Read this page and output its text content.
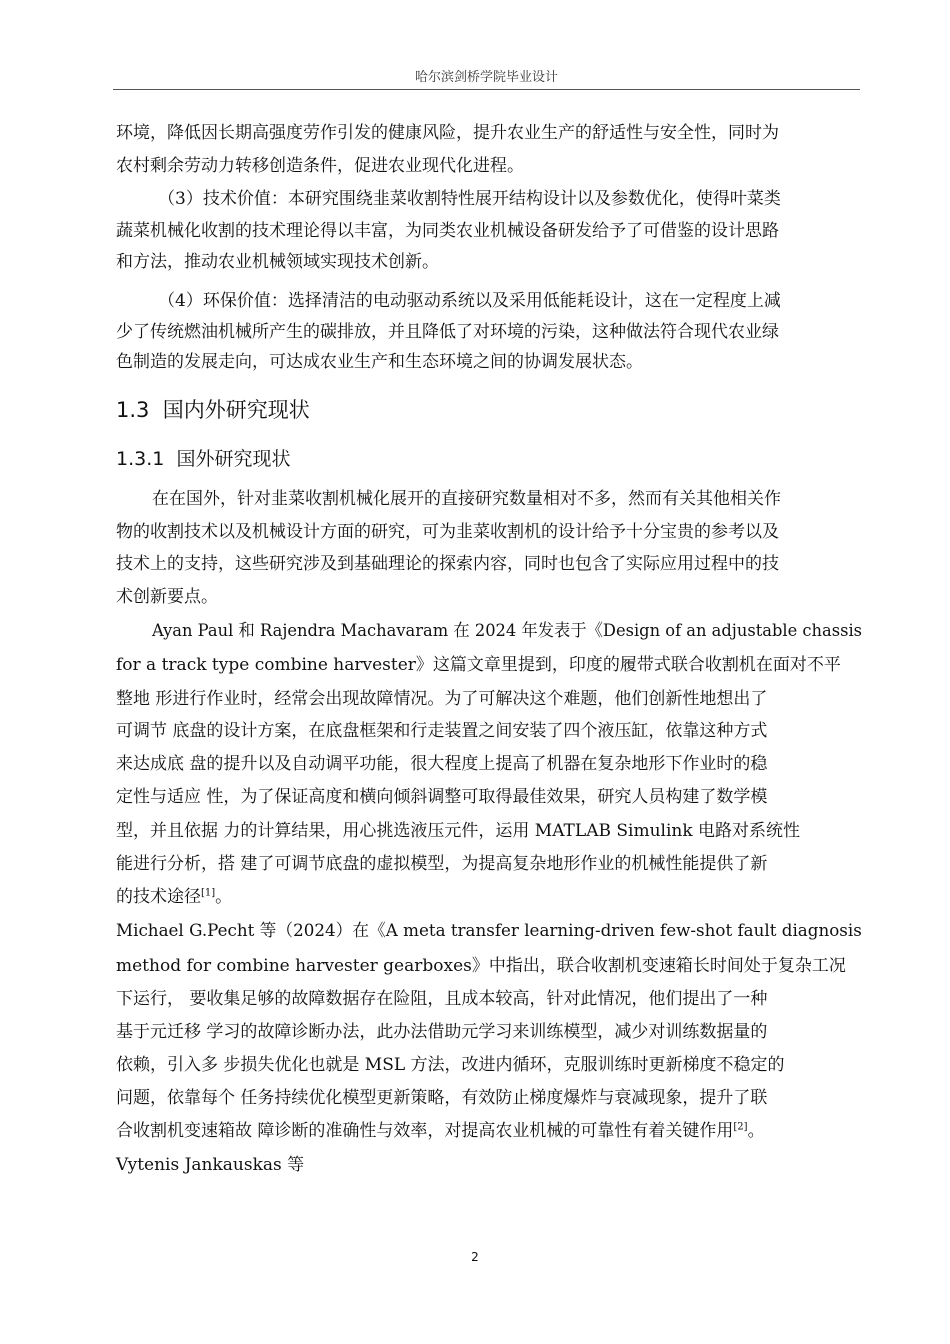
哈尔滨剑桥学院毕业设计
环境，降低因长期高强度劳作引发的健康风险，提升农业生产的舒适性与安全性，同时为
农村剩余劳动力转移创造条件，促进农业现代化进程。
（3）技术价值：本研究围绕韭菜收割特性展开结构设计以及参数优化，使得叶菜类
蔬菜机械化收割的技术理论得以丰富，为同类农业机械设备研发给予了可借鉴的设计思路
和方法，推动农业机械领域实现技术创新。
（4）环保价值：选择清洁的电动驱动系统以及采用低能耗设计，这在一定程度上减
少了传统燃油机械所产生的碳排放，并且降低了对环境的污染，这种做法符合现代农业绿
色制造的发展走向，可达成农业生产和生态环境之间的协调发展状态。
1.3 国内外研究现状
1.3.1 国外研究现状
在在国外，针对韭菜收割机械化展开的直接研究数量相对不多，然而有关其他相关作
物的收割技术以及机械设计方面的研究，可为韭菜收割机的设计给予十分宝贵的参考以及
技术上的支持，这些研究涉及到基础理论的探索内容，同时也包含了实际应用过程中的技
术创新要点。
Ayan Paul 和 Rajendra Machavaram 在 2024 年发表于《Design of an adjustable chassis
for a track type combine harvester》这篇文章里提到，印度的履带式联合收割机在面对不平
整地 形进行作业时，经常会出现故障情况。为了可解决这个难题，他们创新性地想出了
可调节 底盘的设计方案，在底盘框架和行走装置之间安装了四个液压缸，依靠这种方式
来达成底 盘的提升以及自动调平功能，很大程度上提高了机器在复杂地形下作业时的稳
定性与适应 性，为了保证高度和横向倾斜调整可取得最佳效果，研究人员构建了数学模
型，并且依据 力的计算结果，用心挑选液压元件，运用 MATLAB Simulink 电路对系统性
能进行分析，搭 建了可调节底盘的虚拟模型，为提高复杂地形作业的机械性能提供了新
的技术途径[1]。
Michael G.Pecht 等（2024）在《A meta transfer learning-driven few-shot fault diagnosis
method for combine harvester gearboxes》中指出，联合收割机变速箱长时间处于复杂工况
下运行， 要收集足够的故障数据存在险阻，且成本较高，针对此情况，他们提出了一种
基于元迁移 学习的故障诊断办法，此办法借助元学习来训练模型，减少对训练数据量的
依赖，引入多 步损失优化也就是 MSL 方法，改进内循环，克服训练时更新梯度不稳定的
问题，依靠每个 任务持续优化模型更新策略，有效防止梯度爆炸与衰减现象，提升了联
合收割机变速箱故 障诊断的准确性与效率，对提高农业机械的可靠性有着关键作用[2]。
Vytenis Jankauskas 等
2
